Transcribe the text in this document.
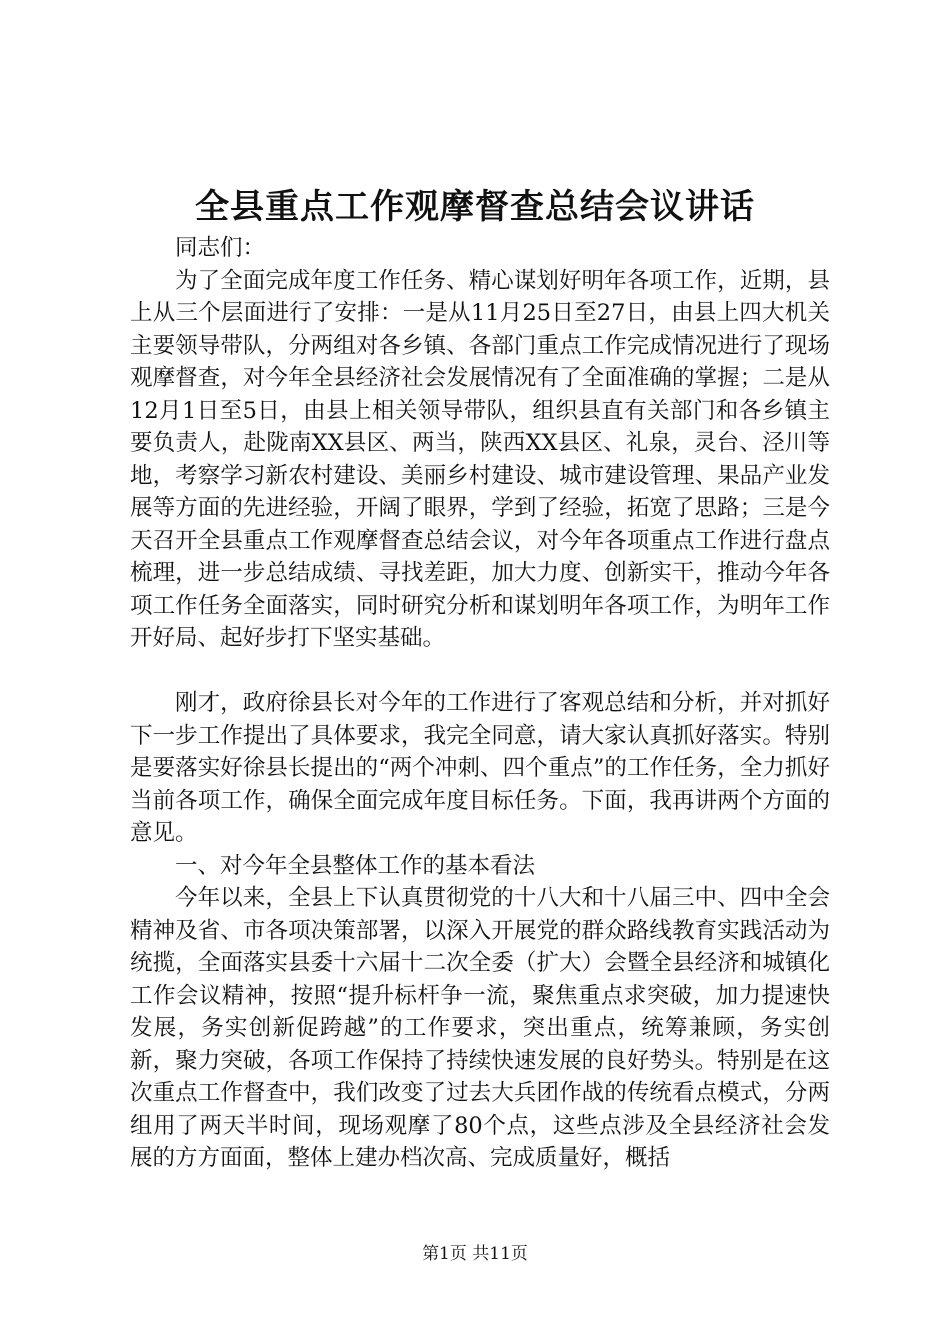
全县重点工作观摩督查总结会议讲话

同志们：

为了全面完成年度工作任务、精心谋划好明年各项工作，近期，县上从三个层面进行了安排：一是从11月25日至27日，由县上四大机关主要领导带队，分两组对各乡镇、各部门重点工作完成情况进行了现场观摩督查，对今年全县经济社会发展情况有了全面准确的掌握；二是从12月1日至5日，由县上相关领导带队，组织县直有关部门和各乡镇主要负责人，赴陇南XX县区、两当，陕西XX县区、礼泉，灵台、泾川等地，考察学习新农村建设、美丽乡村建设、城市建设管理、果品产业发展等方面的先进经验，开阔了眼界，学到了经验，拓宽了思路；三是今天召开全县重点工作观摩督查总结会议，对今年各项重点工作进行盘点梳理，进一步总结成绩、寻找差距，加大力度、创新实干，推动今年各项工作任务全面落实，同时研究分析和谋划明年各项工作，为明年工作开好局、起好步打下坚实基础。

刚才，政府徐县长对今年的工作进行了客观总结和分析，并对抓好下一步工作提出了具体要求，我完全同意，请大家认真抓好落实。特别是要落实好徐县长提出的“两个冲刺、四个重点”的工作任务，全力抓好当前各项工作，确保全面完成年度目标任务。下面，我再讲两个方面的意见。

一、对今年全县整体工作的基本看法

今年以来，全县上下认真贯彻党的十八大和十八届三中、四中全会精神及省、市各项决策部署，以深入开展党的群众路线教育实践活动为统揽，全面落实县委十六届十二次全委（扩大）会暨全县经济和城镇化工作会议精神，按照“提升标杆争一流，聚焦重点求突破，加力提速快发展，务实创新促跨越”的工作要求，突出重点，统筹兼顾，务实创新，聚力突破，各项工作保持了持续快速发展的良好势头。特别是在这次重点工作督查中，我们改变了过去大兵团作战的传统看点模式，分两组用了两天半时间，现场观摩了80个点，这些点涉及全县经济社会发展的方方面面，整体上建办档次高、完成质量好，概括

第1页 共11页
